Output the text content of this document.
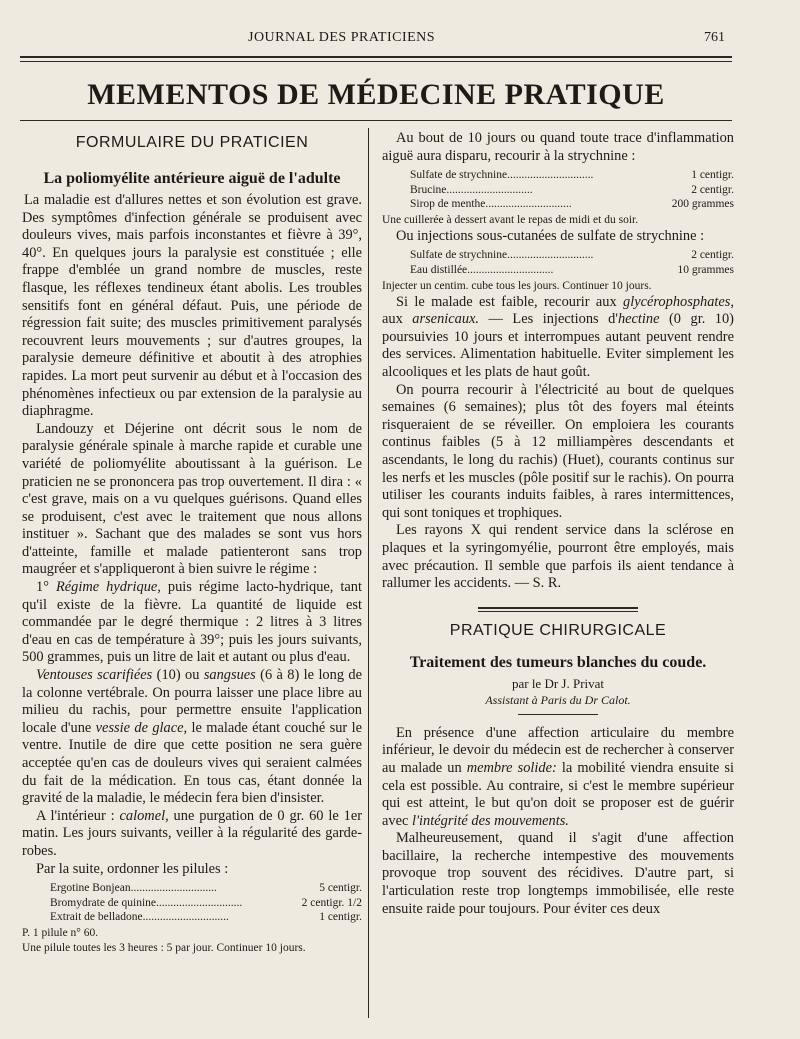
JOURNAL DES PRATICIENS	761
MEMENTOS DE MÉDECINE PRATIQUE
FORMULAIRE DU PRATICIEN
La poliomyélite antérieure aiguë de l'adulte

La maladie est d'allures nettes et son évolution est grave. Des symptômes d'infection générale se produisent avec douleurs vives, mais parfois inconstantes et fièvre à 39°, 40°. En quelques jours la paralysie est constituée ; elle frappe d'emblée un grand nombre de muscles, reste flasque, les réflexes tendineux étant abolis. Les troubles sensitifs font en général défaut. Puis, une période de régression fait suite; des muscles primitivement paralysés recouvrent leurs mouvements ; sur d'autres groupes, la paralysie demeure définitive et aboutit à des atrophies rapides. La mort peut survenir au début et à l'occasion des phénomènes infectieux ou par extension de la paralysie au diaphragme.

Landouzy et Déjerine ont décrit sous le nom de paralysie générale spinale à marche rapide et curable une variété de poliomyélite aboutissant à la guérison. Le praticien ne se prononcera pas trop ouvertement. Il dira : « c'est grave, mais on a vu quelques guérisons. Quand elles se produisent, c'est avec le traitement que nous allons instituer ». Sachant que des malades se sont vus hors d'atteinte, famille et malade patienteront sans trop maugréer et s'appliqueront à bien suivre le régime :

1° Régime hydrique, puis régime lacto-hydrique, tant qu'il existe de la fièvre. La quantité de liquide est commandée par le degré thermique : 2 litres à 3 litres d'eau en cas de température à 39°; puis les jours suivants, 500 grammes, puis un litre de lait et autant ou plus d'eau.

Ventouses scarifiées (10) ou sangsues (6 à 8) le long de la colonne vertébrale. On pourra laisser une place libre au milieu du rachis, pour permettre ensuite l'application locale d'une vessie de glace, le malade étant couché sur le ventre. Inutile de dire que cette position ne sera guère acceptée qu'en cas de douleurs vives qui seraient calmées du fait de la médication. En tous cas, étant donnée la gravité de la maladie, le médecin fera bien d'insister.

A l'intérieur : calomel, une purgation de 0 gr. 60 le 1er matin. Les jours suivants, veiller à la régularité des garde-robes.

Par la suite, ordonner les pilules :

Ergotine Bonjean ..............................	5 centigr.
Bromydrate de quinine ..............................	2 centigr. 1/2
Extrait de belladone ..............................	1 centigr.

P. 1 pilule n° 60.

Une pilule toutes les 3 heures : 5 par jour. Continuer 10 jours.

Au bout de 10 jours ou quand toute trace d'inflammation aiguë aura disparu, recourir à la strychnine :

Sulfate de strychnine ..............................	1 centigr.
Brucine ..............................	2 centigr.
Sirop de menthe ..............................	200 grammes

Une cuillerée à dessert avant le repas de midi et du soir.

Ou injections sous-cutanées de sulfate de strychnine :

Sulfate de strychnine ..............................	2 centigr.
Eau distillée ..............................	10 grammes

Injecter un centim. cube tous les jours. Continuer 10 jours.

Si le malade est faible, recourir aux glycérophosphates, aux arsenicaux. — Les injections d'hectine (0 gr. 10) poursuivies 10 jours et interrompues autant peuvent rendre des services. Alimentation habituelle. Eviter simplement les alcooliques et les plats de haut goût.

On pourra recourir à l'électricité au bout de quelques semaines (6 semaines); plus tôt des foyers mal éteints risqueraient de se réveiller. On emploiera les courants continus faibles (5 à 12 milliampères descendants et ascendants, le long du rachis) (Huet), courants continus sur les nerfs et les muscles (pôle positif sur le rachis). On pourra utiliser les courants induits faibles, à rares intermittences, qui sont toniques et trophiques.

Les rayons X qui rendent service dans la sclérose en plaques et la syringomyélie, pourront être employés, mais avec précaution. Il semble que parfois ils aient tendance à rallumer les accidents. — S. R.

PRATIQUE CHIRURGICALE
Traitement des tumeurs blanches du coude.
par le Dr J. Privat
Assistant à Paris du Dr Calot.

En présence d'une affection articulaire du membre inférieur, le devoir du médecin est de rechercher à conserver au malade un membre solide: la mobilité viendra ensuite si cela est possible. Au contraire, si c'est le membre supérieur qui est atteint, le but qu'on doit se proposer est de guérir avec l'intégrité des mouvements.

Malheureusement, quand il s'agit d'une affection bacillaire, la recherche intempestive des mouvements provoque trop souvent des récidives. D'autre part, si l'articulation reste trop longtemps immobilisée, elle reste ensuite raide pour toujours. Pour éviter ces deux
